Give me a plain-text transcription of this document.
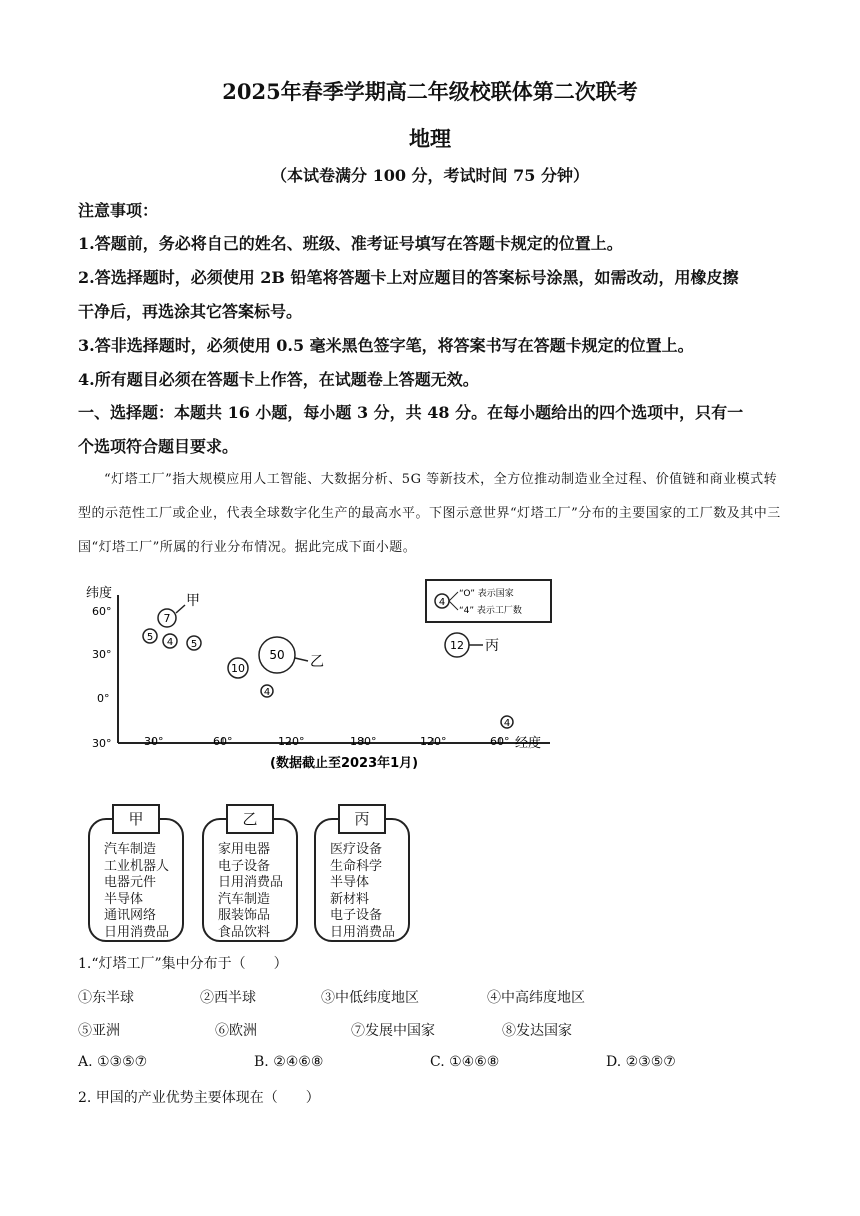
2025年春季学期高二年级校联体第二次联考
地理
（本试卷满分 100 分，考试时间 75 分钟）
注意事项：
1.答题前，务必将自己的姓名、班级、准考证号填写在答题卡规定的位置上。
2.答选择题时，必须使用 2B 铅笔将答题卡上对应题目的答案标号涂黑，如需改动，用橡皮擦
干净后，再选涂其它答案标号。
3.答非选择题时，必须使用 0.5 毫米黑色签字笔，将答案书写在答题卡规定的位置上。
4.所有题目必须在答题卡上作答，在试题卷上答题无效。
一、选择题：本题共 16 小题，每小题 3 分，共 48 分。在每小题给出的四个选项中，只有一
个选项符合题目要求。
“灯塔工厂”指大规模应用人工智能、大数据分析、5G 等新技术，全方位推动制造业全过程、价值链和商业模式转型的示范性工厂或企业，代表全球数字化生产的最高水平。下图示意世界“灯塔工厂”分布的主要国家的工厂数及其中三国“灯塔工厂”所属的行业分布情况。据此完成下面小题。
纬度
经度
60°
30°
0°
30°	30°	60°	120°	180°	120°	60°
(数据截止至2023年1月)
7
甲
5 4 5
10
50 乙
4
12 丙
4
4
“O” 表示国家
“4” 表示工厂数
甲
汽车制造
工业机器人
电器元件
半导体
通讯网络
日用消费品
乙
家用电器
电子设备
日用消费品
汽车制造
服装饰品
食品饮料
丙
医疗设备
生命科学
半导体
新材料
电子设备
日用消费品
1.“灯塔工厂”集中分布于（　　）
①东半球	②西半球	③中低纬度地区	④中高纬度地区
⑤亚洲	⑥欧洲	⑦发展中国家	⑧发达国家
A. ①③⑤⑦	B. ②④⑥⑧	C. ①④⑥⑧	D. ②③⑤⑦
2. 甲国的产业优势主要体现在（　　）
